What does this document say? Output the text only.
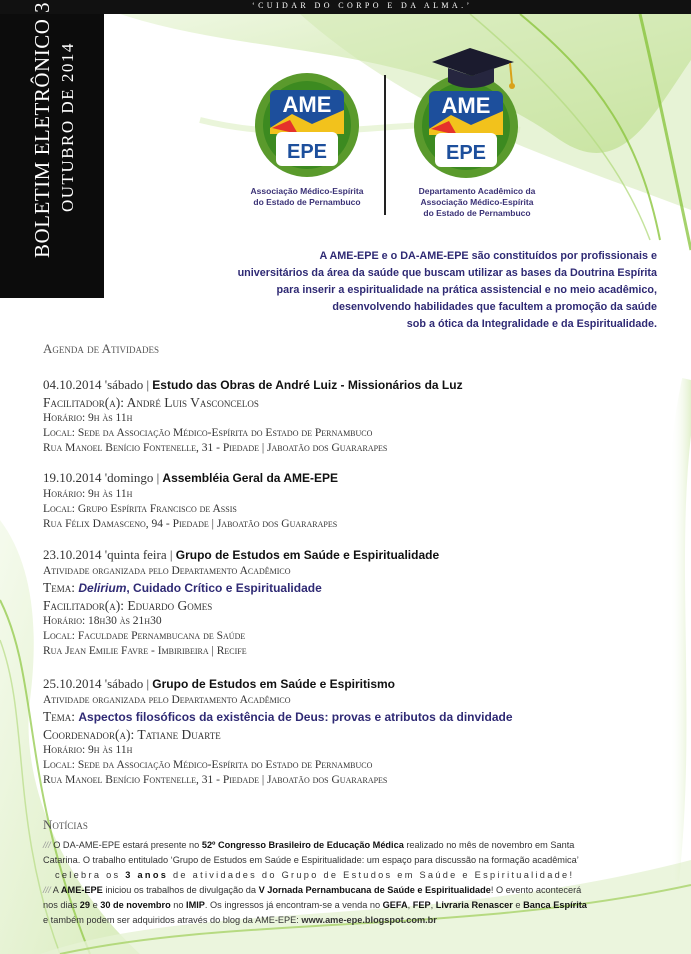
‘CUIDAR DO CORPO E DA ALMA.’
BOLETIM ELETRÔNICO 3 OUTUBRO DE 2014	AME
EPE
Associação Médico-Espírita
do Estado de Pernambuco
AME
EPE
Departamento Acadêmico da
Associação Médico-Espírita
do Estado de Pernambuco
A AME-EPE e o DA-AME-EPE são constituídos por profissionais e
universitários da área da saúde que buscam utilizar as bases da Doutrina Espírita
para inserir a espiritualidade na prática assistencial e no meio acadêmico,
desenvolvendo habilidades que facultem a promoção da saúde
sob a ótica da Integralidade e da Espiritualidade.
Agenda de Atividades
04.10.2014 'sábado | Estudo das Obras de André Luiz - Missionários da Luz
Facilitador(a): André Luis Vasconcelos
Horário: 9h às 11h
Local: Sede da Associação Médico-Espírita do Estado de Pernambuco
Rua Manoel Benício Fontenelle, 31 - Piedade | Jaboatão dos Guararapes
19.10.2014 'domingo | Assembléia Geral da AME-EPE
Horário: 9h às 11h
Local: Grupo Espírita Francisco de Assis
Rua Félix Damasceno, 94 - Piedade | Jaboatão dos Guararapes
23.10.2014 'quinta feira | Grupo de Estudos em Saúde e Espiritualidade
Atividade organizada pelo Departamento Acadêmico
Tema: Delirium, Cuidado Crítico e Espiritualidade
Facilitador(a): Eduardo Gomes
Horário: 18h30 às 21h30
Local: Faculdade Pernambucana de Saúde
Rua Jean Emilie Favre - Imbiribeira | Recife
25.10.2014 'sábado | Grupo de Estudos em Saúde e Espiritismo
Atividade organizada pelo Departamento Acadêmico
Tema: Aspectos filosóficos da existência de Deus: provas e atributos da dinvidade
Coordenador(a): Tatiane Duarte
Horário: 9h às 11h
Local: Sede da Associação Médico-Espírita do Estado de Pernambuco
Rua Manoel Benício Fontenelle, 31 - Piedade | Jaboatão dos Guararapes
Notícias
/// O DA-AME-EPE estará presente no 52º Congresso Brasileiro de Educação Médica realizado no mês de novembro em Santa
Catarina. O trabalho entitulado ‘Grupo de Estudos em Saúde e Espiritualidade: um espaço para discussão na formação acadêmica’
celebra os 3 anos de atividades do Grupo de Estudos em Saúde e Espiritualidade!
/// A AME-EPE iniciou os trabalhos de divulgação da V Jornada Pernambucana de Saúde e Espiritualidade! O evento acontecerá
nos dias 29 e 30 de novembro no IMIP. Os ingressos já encontram-se a venda no GEFA, FEP, Livraria Renascer e Banca Espírita
e também podem ser adquiridos através do blog da AME-EPE: www.ame-epe.blogspot.com.br
